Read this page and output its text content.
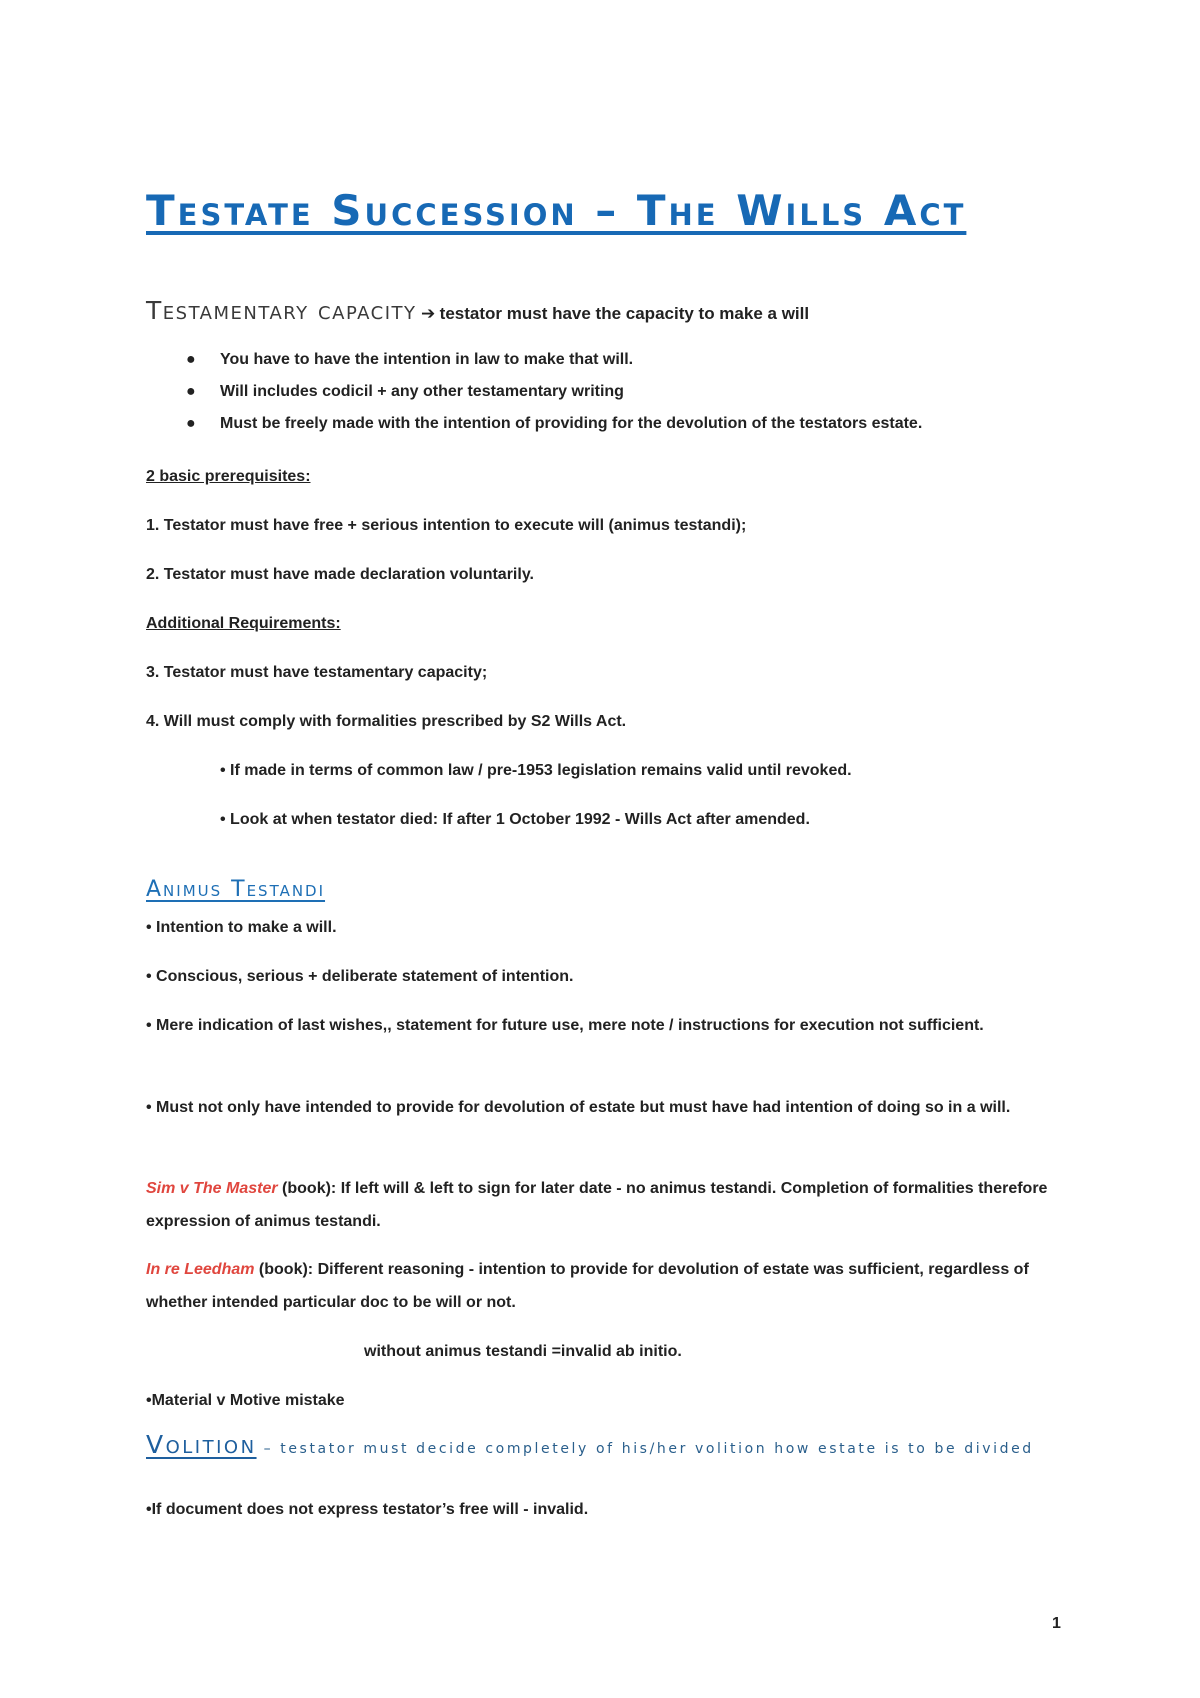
Testate Succession – The Wills Act
Testamentary capacity ➔ testator must have the capacity to make a will
● You have to have the intention in law to make that will.
● Will includes codicil + any other testamentary writing
● Must be freely made with the intention of providing for the devolution of the testators estate.
2 basic prerequisites:
1. Testator must have free + serious intention to execute will (animus testandi);
2. Testator must have made declaration voluntarily.
Additional Requirements:
3. Testator must have testamentary capacity;
4. Will must comply with formalities prescribed by S2 Wills Act.
• If made in terms of common law / pre-1953 legislation remains valid until revoked.
• Look at when testator died: If after 1 October 1992 - Wills Act after amended.
Animus Testandi
• Intention to make a will.
• Conscious, serious + deliberate statement of intention.
• Mere indication of last wishes,, statement for future use, mere note / instructions for execution not sufficient.
• Must not only have intended to provide for devolution of estate but must have had intention of doing so in a will.
Sim v The Master (book): If left will & left to sign for later date - no animus testandi. Completion of formalities therefore expression of animus testandi.
In re Leedham (book): Different reasoning - intention to provide for devolution of estate was sufficient, regardless of whether intended particular doc to be will or not.
without animus testandi =invalid ab initio.
•Material v Motive mistake
Volition – testator must decide completely of his/her volition how estate is to be divided
•If document does not express testator’s free will - invalid.
1
